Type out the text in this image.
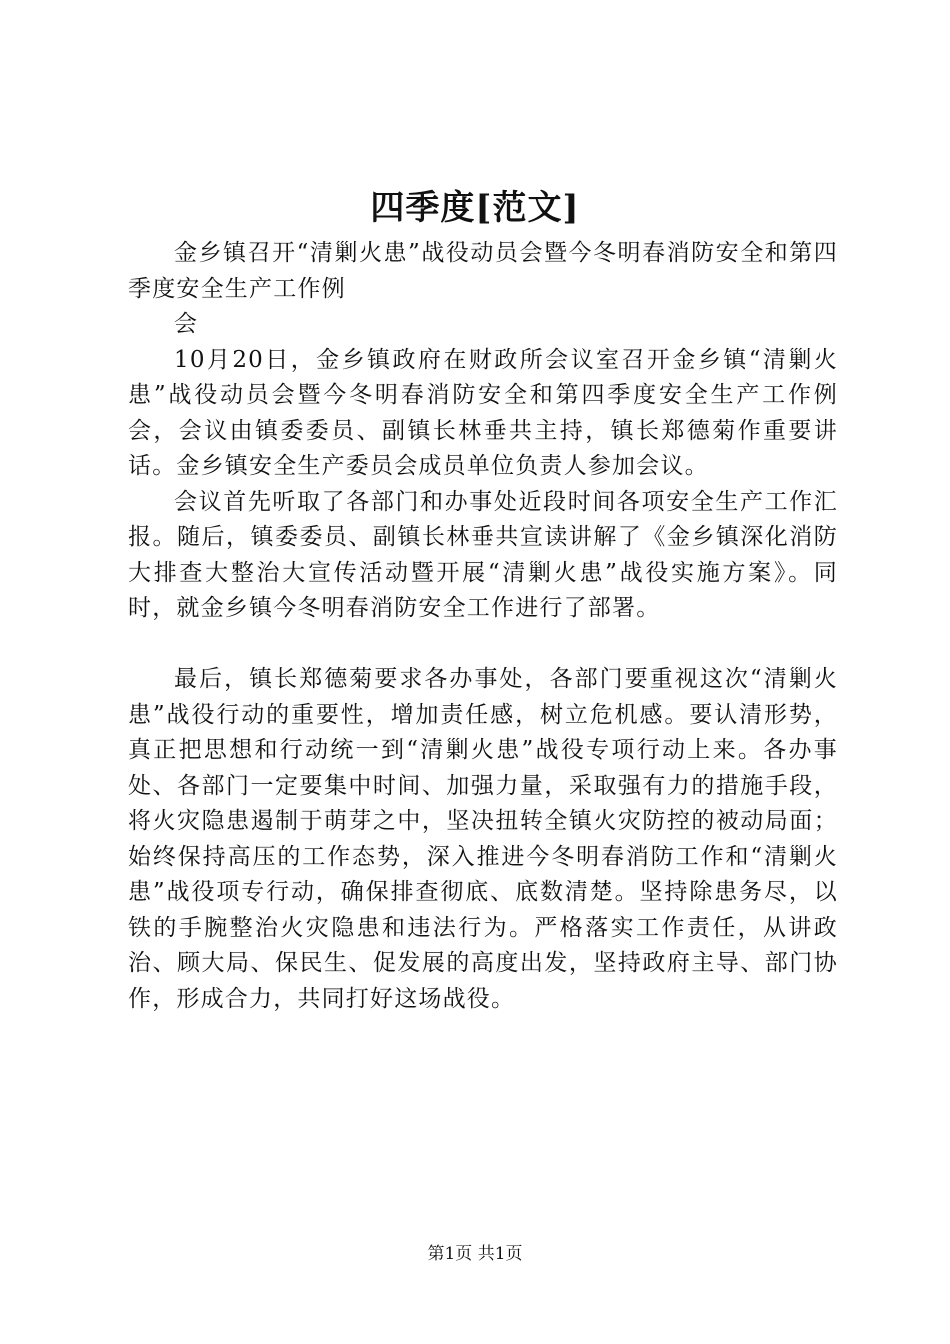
四季度[范文]

金乡镇召开“清剿火患”战役动员会暨今冬明春消防安全和第四季度安全生产工作例

会

10月20日，金乡镇政府在财政所会议室召开金乡镇“清剿火患”战役动员会暨今冬明春消防安全和第四季度安全生产工作例会，会议由镇委委员、副镇长林垂共主持，镇长郑德菊作重要讲话。金乡镇安全生产委员会成员单位负责人参加会议。

会议首先听取了各部门和办事处近段时间各项安全生产工作汇报。随后，镇委委员、副镇长林垂共宣读讲解了《金乡镇深化消防大排查大整治大宣传活动暨开展“清剿火患”战役实施方案》。同时，就金乡镇今冬明春消防安全工作进行了部署。

最后，镇长郑德菊要求各办事处，各部门要重视这次“清剿火患”战役行动的重要性，增加责任感，树立危机感。要认清形势，真正把思想和行动统一到“清剿火患”战役专项行动上来。各办事处、各部门一定要集中时间、加强力量，采取强有力的措施手段，将火灾隐患遏制于萌芽之中，坚决扭转全镇火灾防控的被动局面；始终保持高压的工作态势，深入推进今冬明春消防工作和“清剿火患”战役项专行动，确保排查彻底、底数清楚。坚持除患务尽，以铁的手腕整治火灾隐患和违法行为。严格落实工作责任，从讲政治、顾大局、保民生、促发展的高度出发，坚持政府主导、部门协作，形成合力，共同打好这场战役。

第1页 共1页
